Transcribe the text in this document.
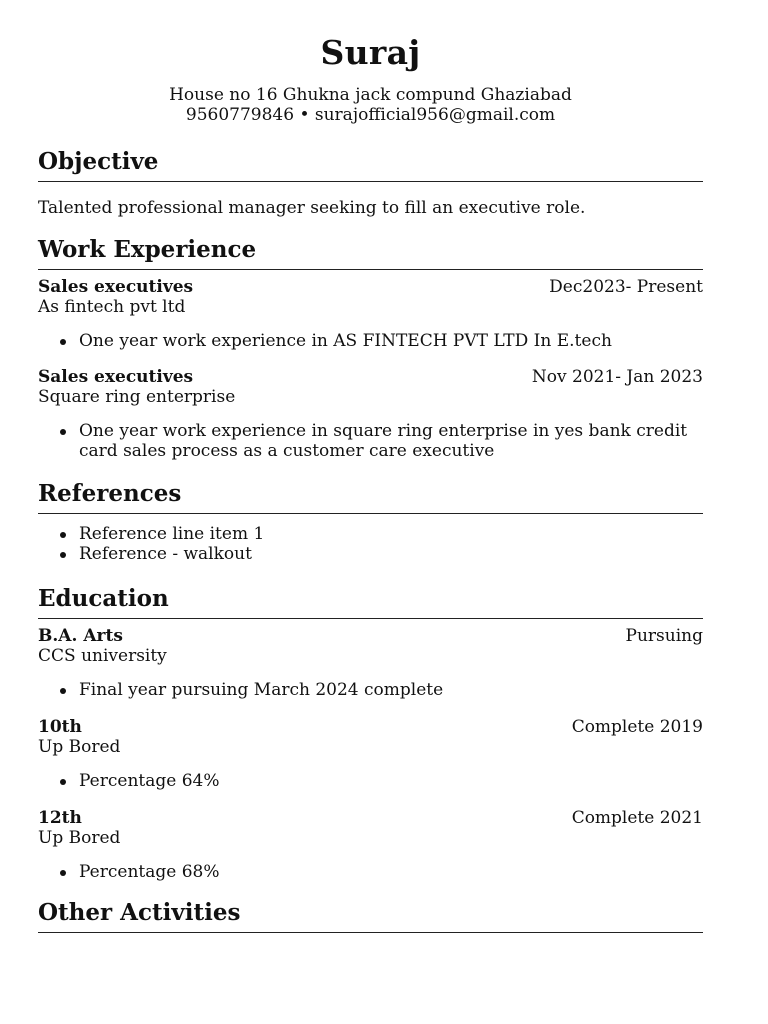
Suraj

House no 16 Ghukna jack compund Ghaziabad

9560779846 • surajofficial956@gmail.com

Objective

Talented professional manager seeking to fill an executive role.

Work Experience
Sales executives	Dec2023- Present
As fintech pvt ltd
One year work experience in AS FINTECH PVT LTD In E.tech
Sales executives	Nov 2021- Jan 2023
Square ring enterprise
One year work experience in square ring enterprise in yes bank credit card sales process as a customer care executive
References
Reference line item 1
Reference - walkout
Education
B.A. Arts	Pursuing
CCS university
Final year pursuing March 2024 complete
10th	Complete 2019
Up Bored
Percentage 64%
12th	Complete 2021
Up Bored
Percentage 68%
Other Activities
